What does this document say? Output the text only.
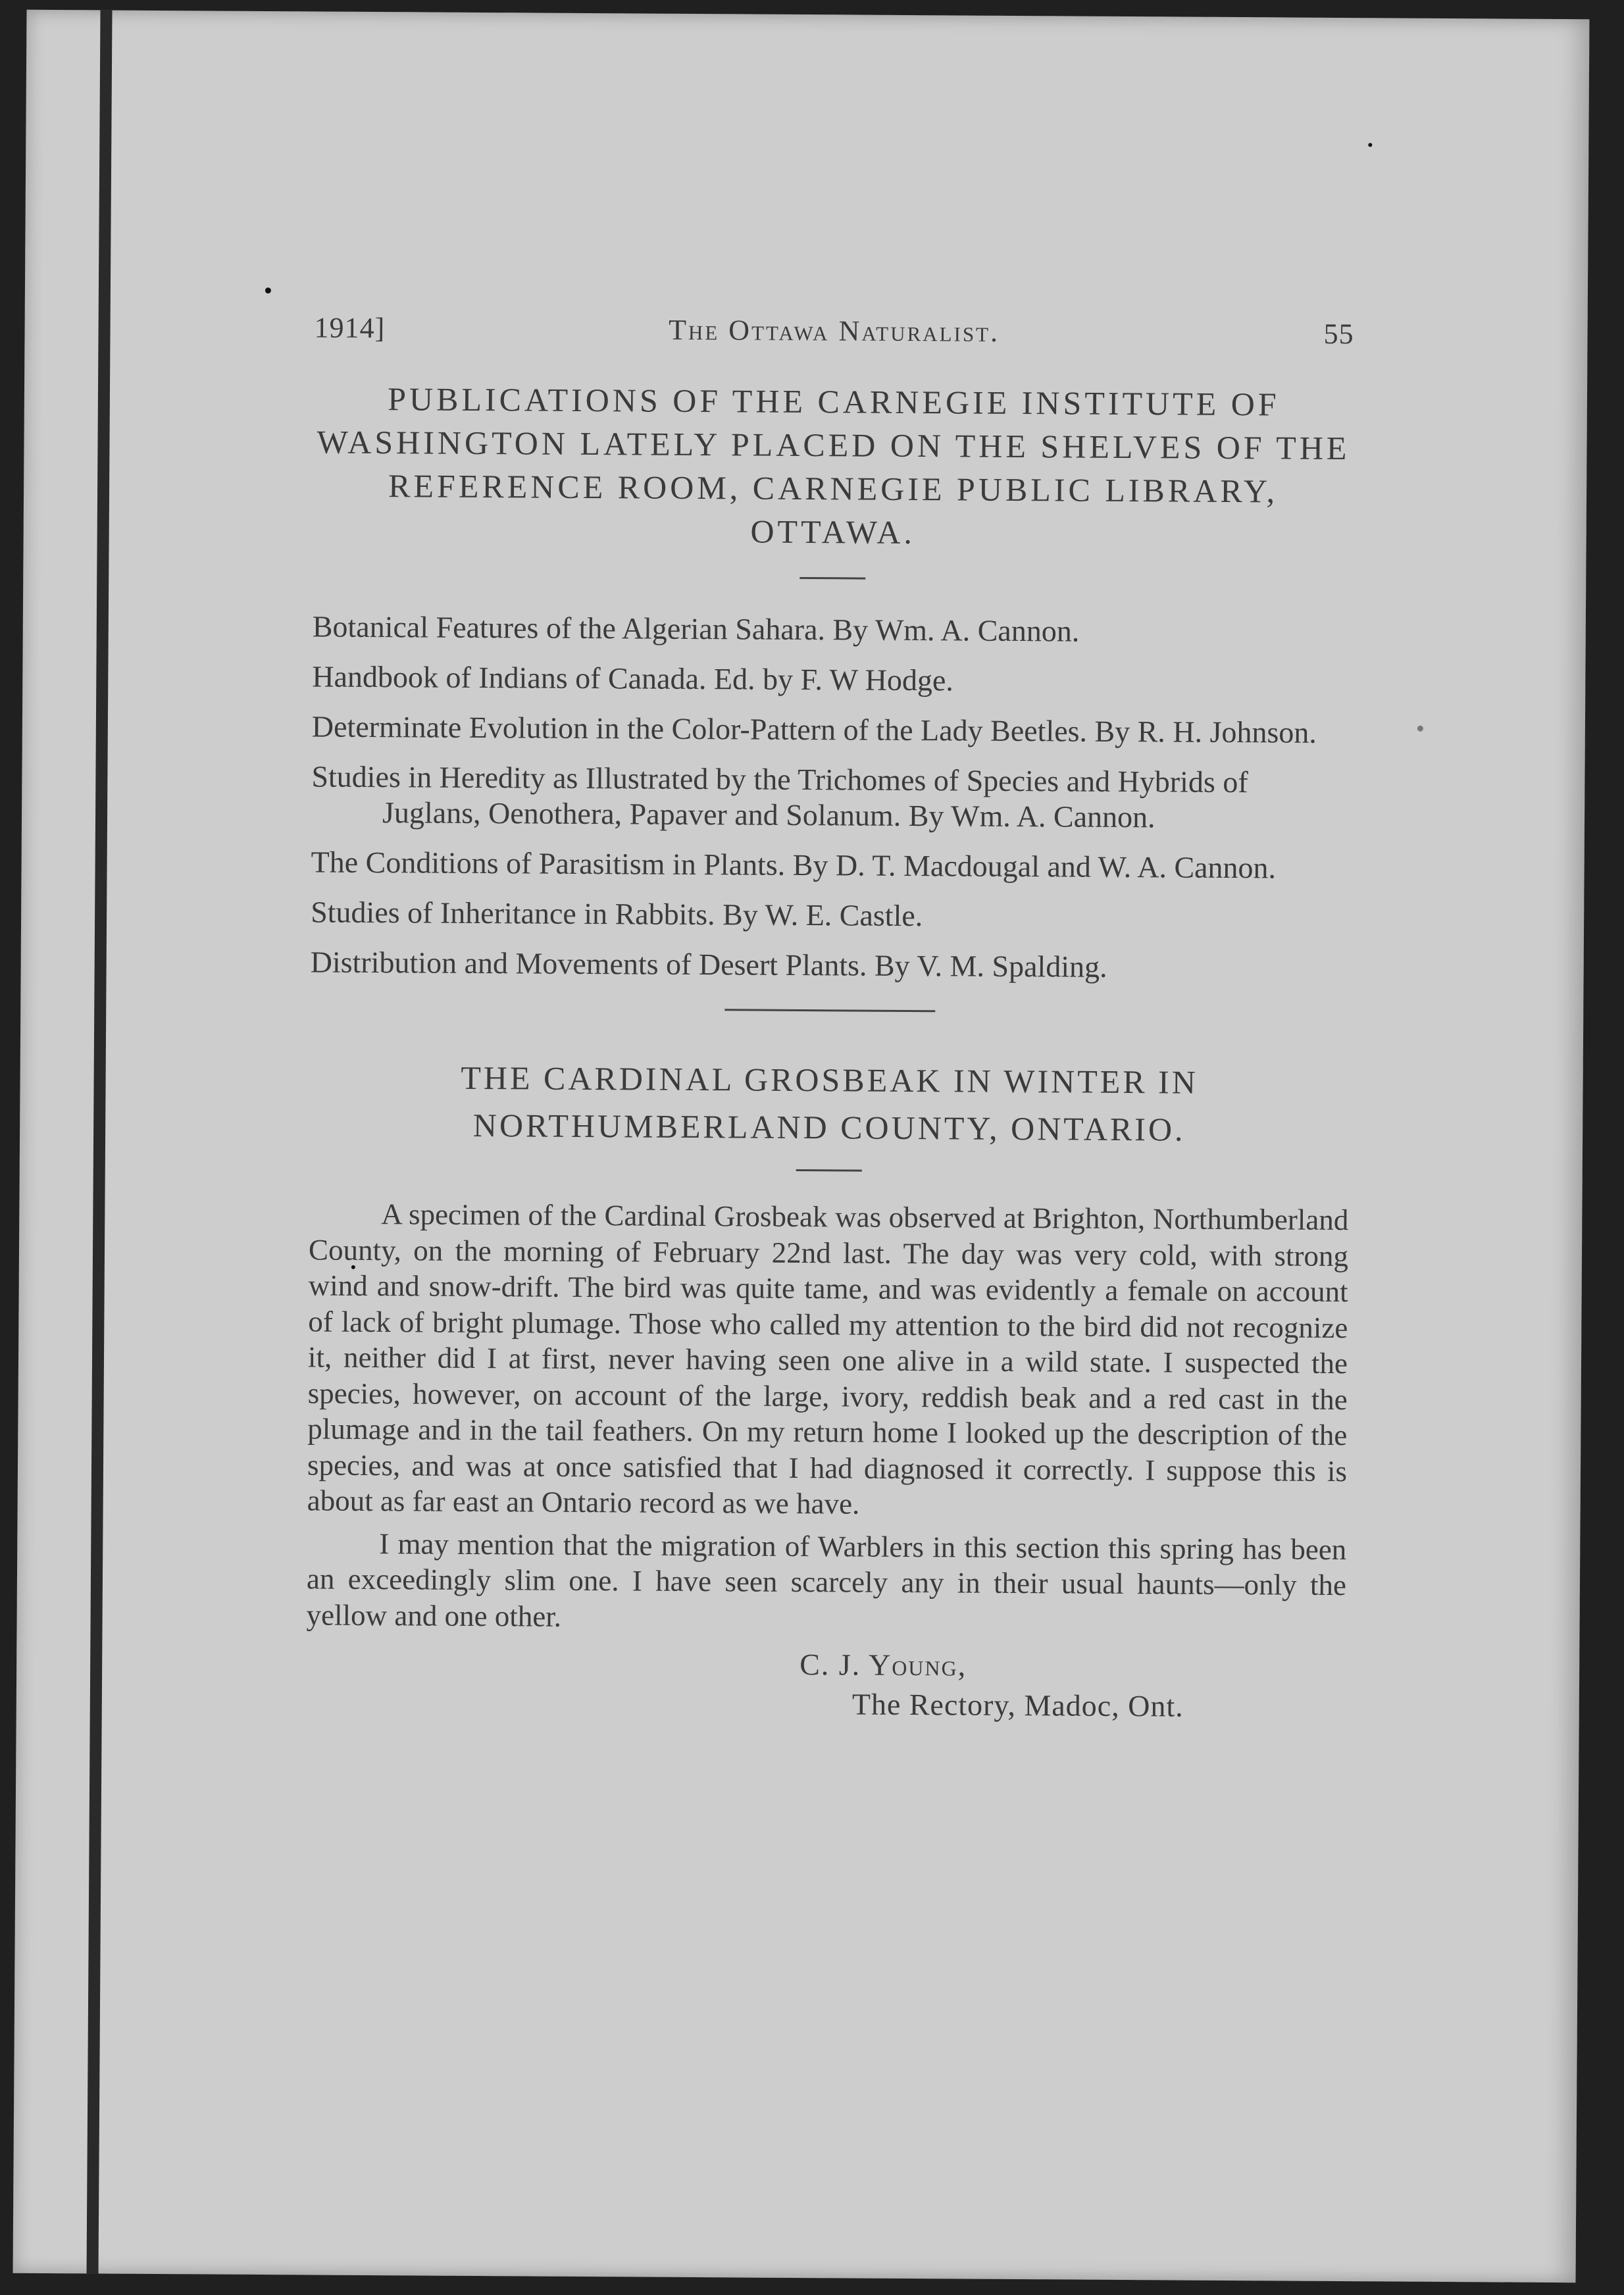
1914]	The Ottawa Naturalist.	55
PUBLICATIONS OF THE CARNEGIE INSTITUTE OF WASHINGTON LATELY PLACED ON THE SHELVES OF THE REFERENCE ROOM, CARNEGIE PUBLIC LIBRARY, OTTAWA.
Botanical Features of the Algerian Sahara. By Wm. A. Cannon.
Handbook of Indians of Canada. Ed. by F. W Hodge.
Determinate Evolution in the Color-Pattern of the Lady Beetles. By R. H. Johnson.
Studies in Heredity as Illustrated by the Trichomes of Species and Hybrids of Juglans, Oenothera, Papaver and Solanum. By Wm. A. Cannon.
The Conditions of Parasitism in Plants. By D. T. Macdougal and W. A. Cannon.
Studies of Inheritance in Rabbits. By W. E. Castle.
Distribution and Movements of Desert Plants. By V. M. Spalding.
THE CARDINAL GROSBEAK IN WINTER IN
NORTHUMBERLAND COUNTY, ONTARIO.

A specimen of the Cardinal Grosbeak was observed at Brighton, Northumberland County, on the morning of February 22nd last. The day was very cold, with strong wind and snow-drift. The bird was quite tame, and was evidently a female on account of lack of bright plumage. Those who called my attention to the bird did not recognize it, neither did I at first, never having seen one alive in a wild state. I suspected the species, however, on account of the large, ivory, reddish beak and a red cast in the plumage and in the tail feathers. On my return home I looked up the description of the species, and was at once satisfied that I had diagnosed it correctly. I suppose this is about as far east an Ontario record as we have.

I may mention that the migration of Warblers in this section this spring has been an exceedingly slim one. I have seen scarcely any in their usual haunts—only the yellow and one other.

C. J. Young,
The Rectory, Madoc, Ont.
